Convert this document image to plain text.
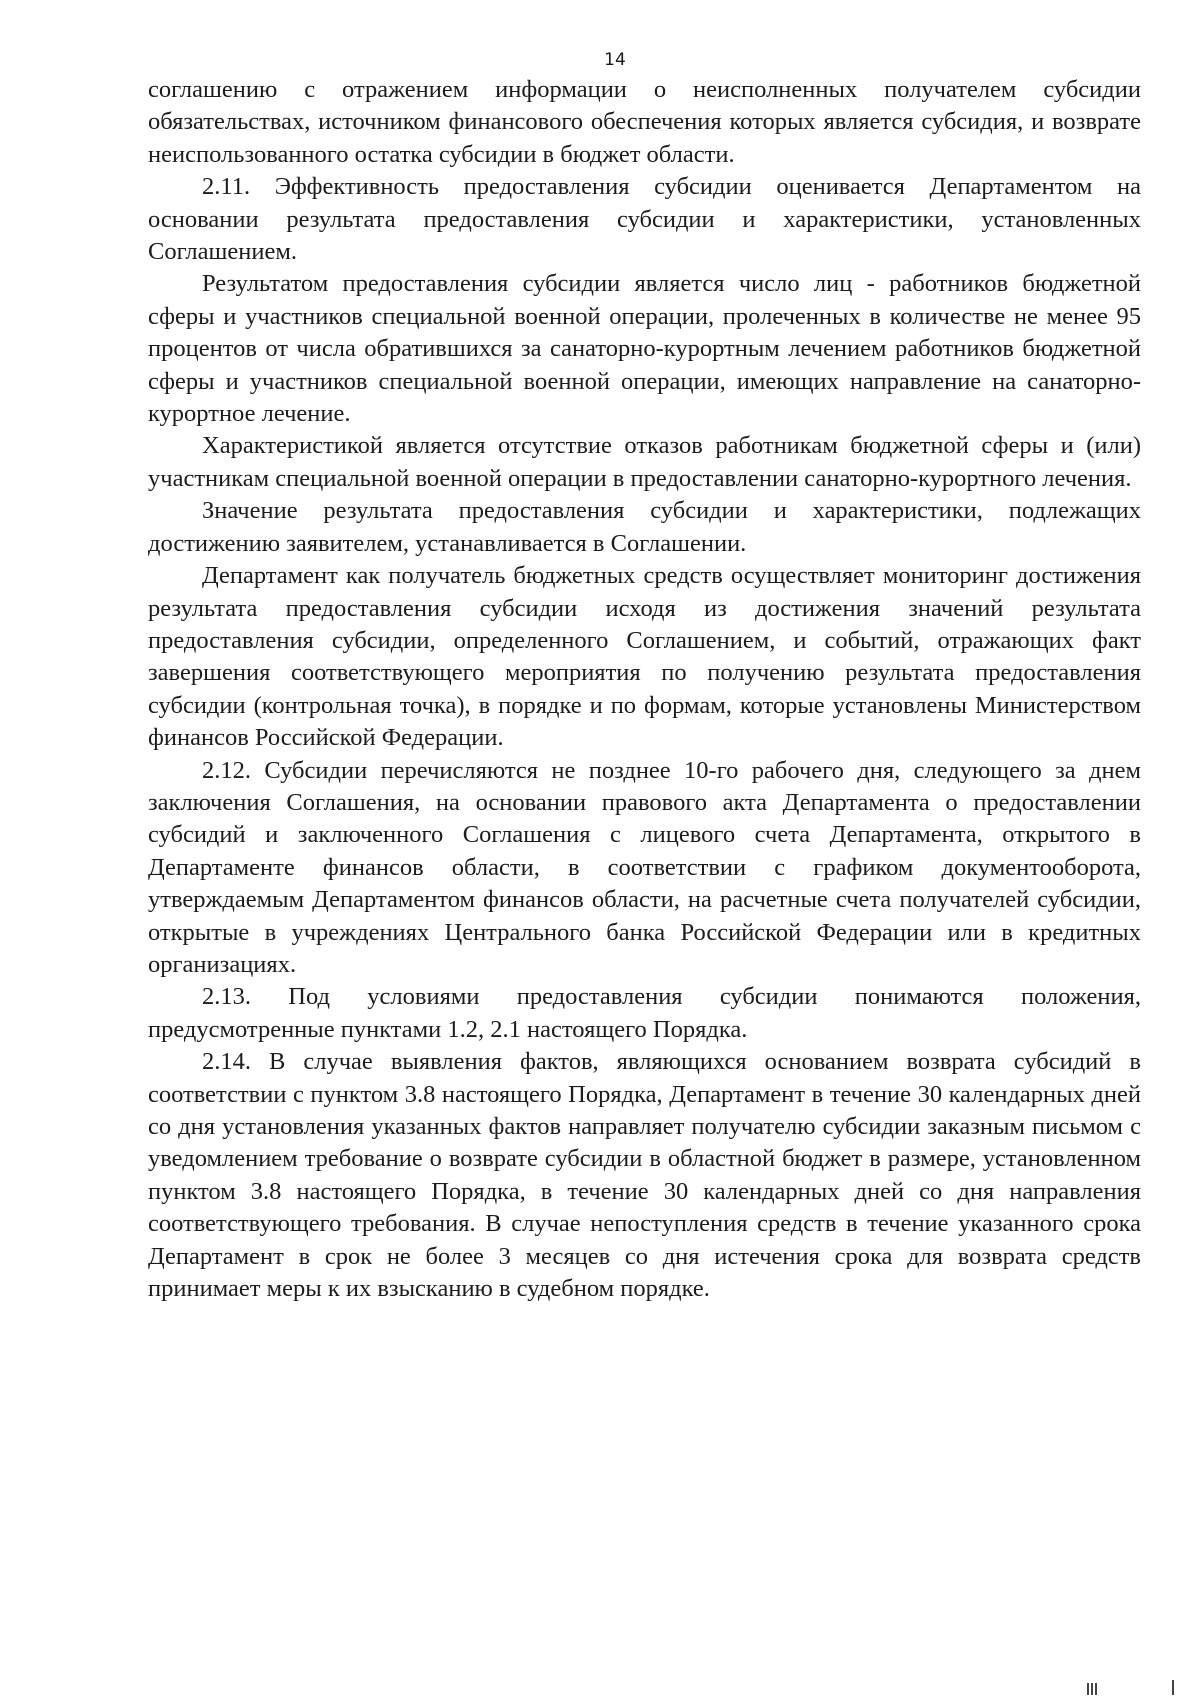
14

соглашению с отражением информации о неисполненных получателем субсидии обязательствах, источником финансового обеспечения которых является субсидия, и возврате неиспользованного остатка субсидии в бюджет области.

2.11. Эффективность предоставления субсидии оценивается Департаментом на основании результата предоставления субсидии и характеристики, установленных Соглашением.

Результатом предоставления субсидии является число лиц - работников бюджетной сферы и участников специальной военной операции, пролеченных в количестве не менее 95 процентов от числа обратившихся за санаторно-курортным лечением работников бюджетной сферы и участников специальной военной операции, имеющих направление на санаторно-курортное лечение.

Характеристикой является отсутствие отказов работникам бюджетной сферы и (или) участникам специальной военной операции в предоставлении санаторно-курортного лечения.

Значение результата предоставления субсидии и характеристики, подлежащих достижению заявителем, устанавливается в Соглашении.

Департамент как получатель бюджетных средств осуществляет мониторинг достижения результата предоставления субсидии исходя из достижения значений результата предоставления субсидии, определенного Соглашением, и событий, отражающих факт завершения соответствующего мероприятия по получению результата предоставления субсидии (контрольная точка), в порядке и по формам, которые установлены Министерством финансов Российской Федерации.

2.12. Субсидии перечисляются не позднее 10-го рабочего дня, следующего за днем заключения Соглашения, на основании правового акта Департамента о предоставлении субсидий и заключенного Соглашения с лицевого счета Департамента, открытого в Департаменте финансов области, в соответствии с графиком документооборота, утверждаемым Департаментом финансов области, на расчетные счета получателей субсидии, открытые в учреждениях Центрального банка Российской Федерации или в кредитных организациях.

2.13. Под условиями предоставления субсидии понимаются положения, предусмотренные пунктами 1.2, 2.1 настоящего Порядка.

2.14. В случае выявления фактов, являющихся основанием возврата субсидий в соответствии с пунктом 3.8 настоящего Порядка, Департамент в течение 30 календарных дней со дня установления указанных фактов направляет получателю субсидии заказным письмом с уведомлением требование о возврате субсидии в областной бюджет в размере, установленном пунктом 3.8 настоящего Порядка, в течение 30 календарных дней со дня направления соответствующего требования. В случае непоступления средств в течение указанного срока Департамент в срок не более 3 месяцев со дня истечения срока для возврата средств принимает меры к их взысканию в судебном порядке.
